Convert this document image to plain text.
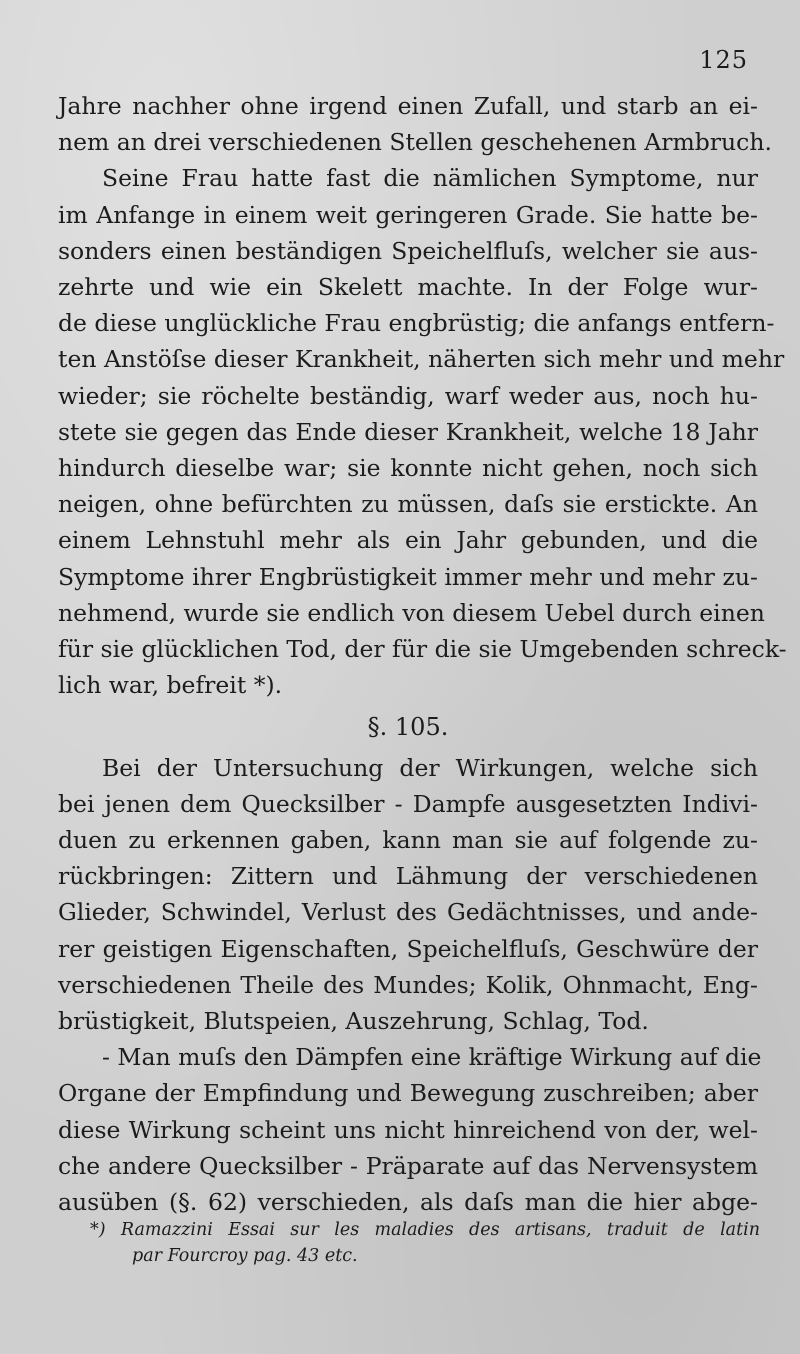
125
Jahre nachher ohne irgend einen Zufall, und starb an ei-
nem an drei verschiedenen Stellen geschehenen Armbruch.
Seine Frau hatte fast die nämlichen Symptome, nur
im Anfange in einem weit geringeren Grade. Sie hatte be-
sonders einen beständigen Speichelfluſs, welcher sie aus-
zehrte und wie ein Skelett machte. In der Folge wur-
de diese unglückliche Frau engbrüstig; die anfangs entfern-
ten Anstöſse dieser Krankheit, näherten sich mehr und mehr
wieder; sie röchelte beständig, warf weder aus, noch hu-
stete sie gegen das Ende dieser Krankheit, welche 18 Jahr
hindurch dieselbe war; sie konnte nicht gehen, noch sich
neigen, ohne befürchten zu müssen, daſs sie erstickte. An
einem Lehnstuhl mehr als ein Jahr gebunden, und die
Symptome ihrer Engbrüstigkeit immer mehr und mehr zu-
nehmend, wurde sie endlich von diesem Uebel durch einen
für sie glücklichen Tod, der für die sie Umgebenden schreck-
lich war, befreit *).
§. 105.
Bei der Untersuchung der Wirkungen, welche sich
bei jenen dem Quecksilber - Dampfe ausgesetzten Indivi-
duen zu erkennen gaben, kann man sie auf folgende zu-
rückbringen: Zittern und Lähmung der verschiedenen
Glieder, Schwindel, Verlust des Gedächtnisses, und ande-
rer geistigen Eigenschaften, Speichelfluſs, Geschwüre der
verschiedenen Theile des Mundes; Kolik, Ohnmacht, Eng-
brüstigkeit, Blutspeien, Auszehrung, Schlag, Tod.
- Man muſs den Dämpfen eine kräftige Wirkung auf die
Organe der Empfindung und Bewegung zuschreiben; aber
diese Wirkung scheint uns nicht hinreichend von der, wel-
che andere Quecksilber - Präparate auf das Nervensystem
ausüben (§. 62) verschieden, als daſs man die hier abge-
*) Ramazzini Essai sur les maladies des artisans, traduit de latin
par Fourcroy pag. 43 etc.
